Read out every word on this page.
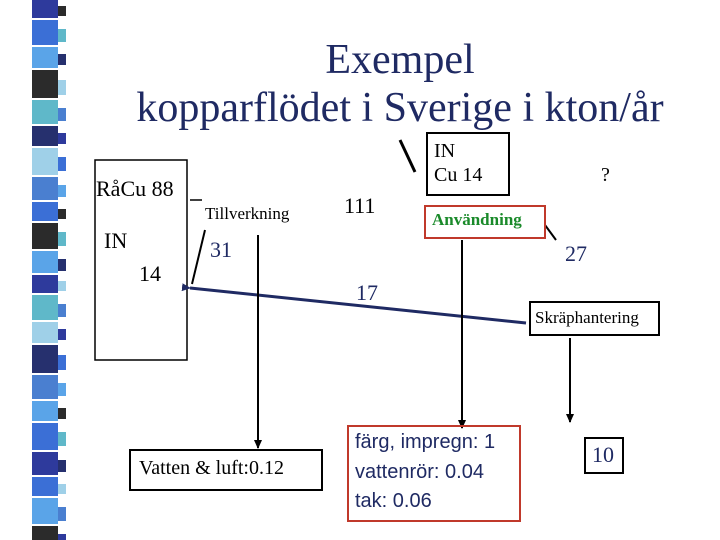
Exempel
kopparflödet i Sverige i kton/år
RåCu 88
IN
14
Tillverkning
31
111
IN
Cu 14	?
Användning
27
17
Skräphantering
Vatten & luft:0.12
färg, impregn: 1
vattenrör: 0.04
tak: 0.06
10
